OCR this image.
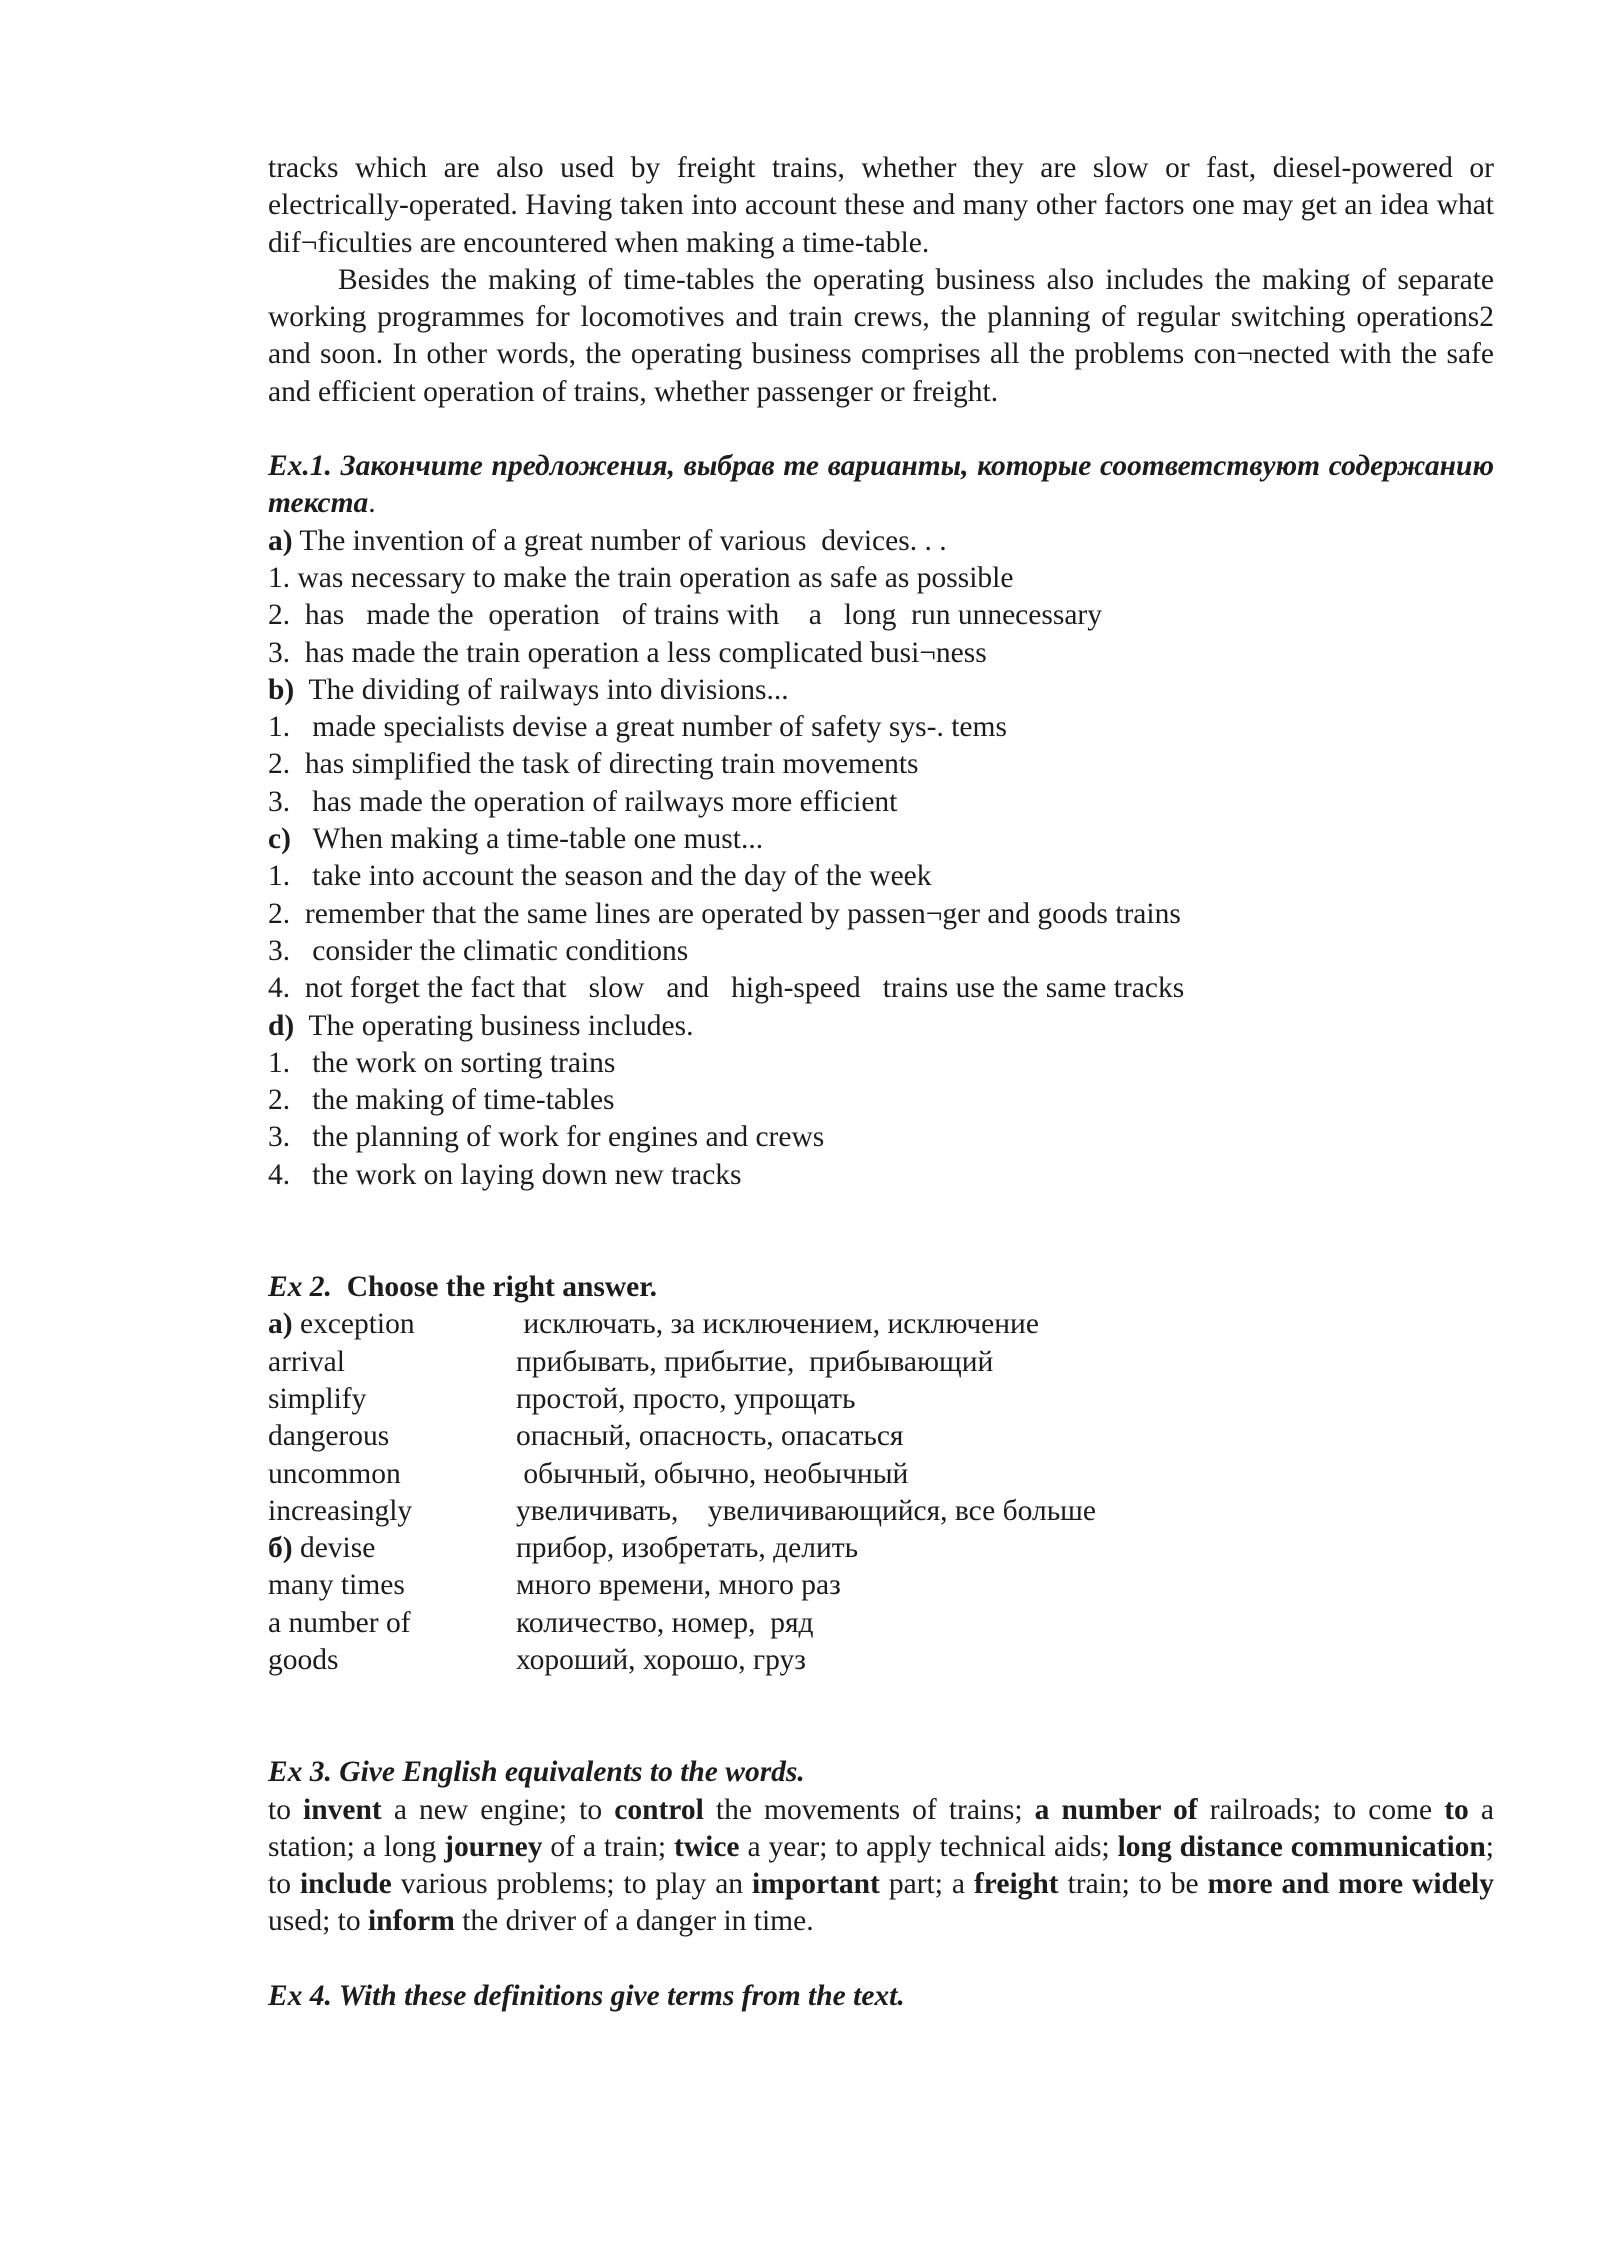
tracks which are also used by freight trains, whether they are slow or fast, diesel-powered or electrically-operated. Having taken into account these and many other factors one may get an idea what dif¬ficulties are encountered when making a time-table.

Besides the making of time-tables the operating business also includes the making of separate working programmes for locomotives and train crews, the planning of regular switching operations2 and soon. In other words, the operating business comprises all the problems con¬nected with the safe and efficient operation of trains, whether passenger or freight.

Ex.1. Закончите предложения, выбрав те варианты, которые соответствуют содержанию текста.

a) The invention of a great number of various  devices. . .

1. was necessary to make the train operation as safe as possible

2.  has   made the  operation   of trains with    a   long  run unnecessary

3.  has made the train operation a less complicated busi¬ness

b)  The dividing of railways into divisions...

1.   made specialists devise a great number of safety sys-. tems

2.  has simplified the task of directing train movements

3.   has made the operation of railways more efficient

c)   When making a time-table one must...

1.   take into account the season and the day of the week

2.  remember that the same lines are operated by passen¬ger and goods trains

3.   consider the climatic conditions

4.  not forget the fact that   slow   and   high-speed   trains use the same tracks

d)  The operating business includes.

1.   the work on sorting trains

2.   the making of time-tables

3.   the planning of work for engines and crews

4.   the work on laying down new tracks

Ex 2.  Choose the right answer.

a) exception	исключать, за исключением, исключение
arrival	прибывать, прибытие,  прибывающий
simplify	простой, просто, упрощать
dangerous	опасный, опасность, опасаться
uncommon	обычный, обычно, необычный
increasingly	увеличивать,    увеличивающийся, все больше
б) devise	прибор, изобретать, делить
many times	много времени, много раз
a number of	количество, номер,  ряд
goods	хороший, хорошо, груз

Ex 3. Give English equivalents to the words.

to invent a new engine; to control the movements of trains; a number of railroads; to come to a station; a long journey of a train; twice a year; to apply technical aids; long distance communication; to include various problems; to play an important part; a freight train; to be more and more widely used; to inform the driver of a danger in time.

Ex 4. With these definitions give terms from the text.
